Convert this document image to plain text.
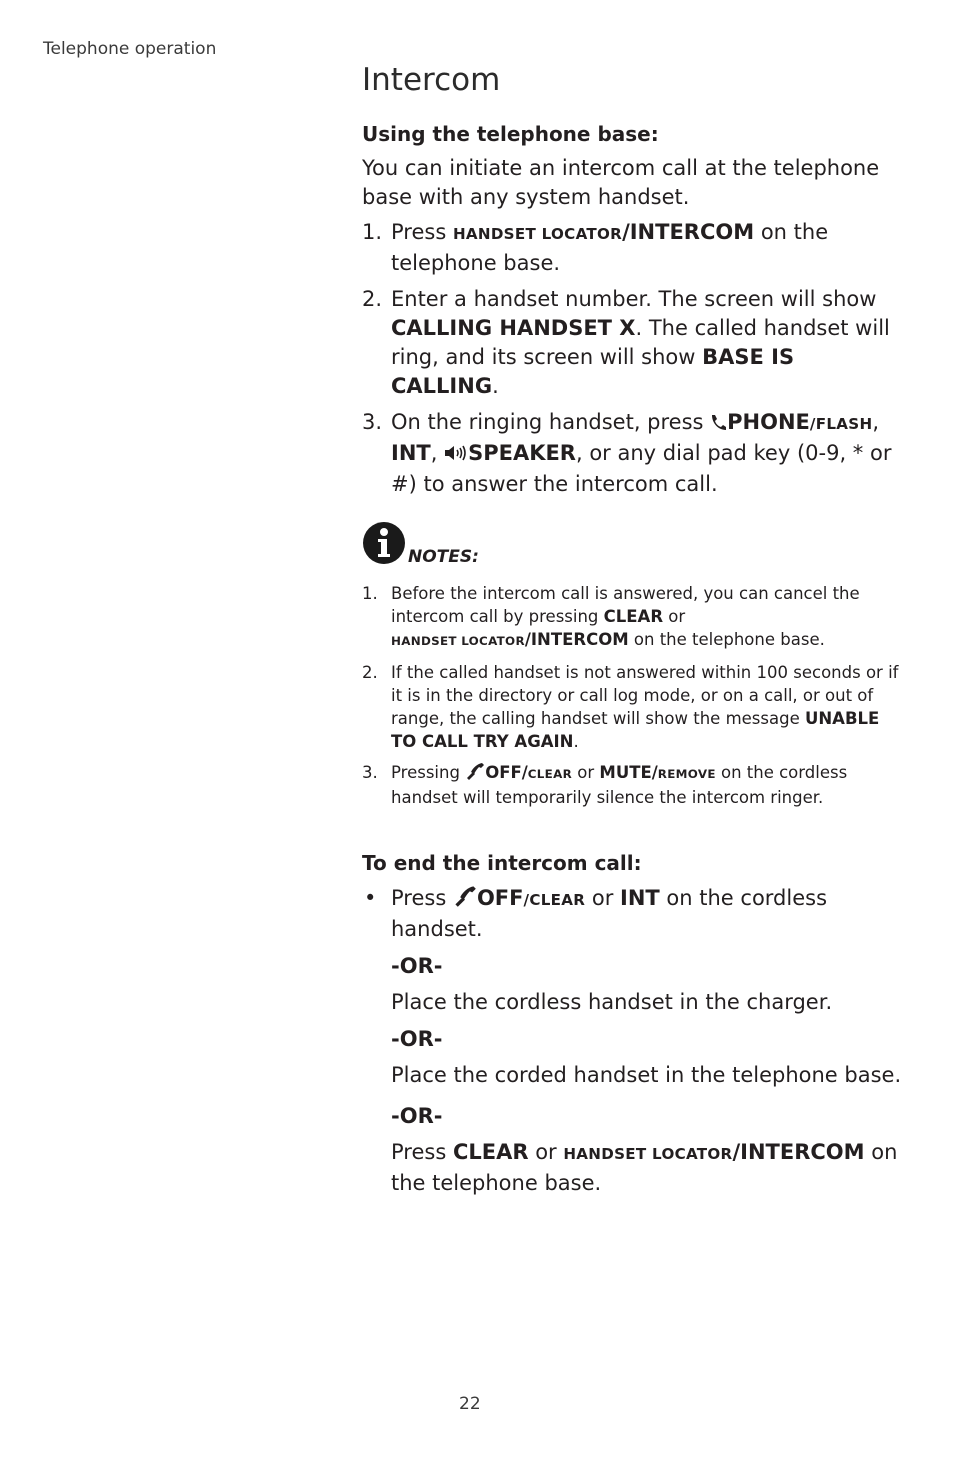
Telephone operation
Intercom

Using the telephone base:

You can initiate an intercom call at the telephone base with any system handset.

1. Press HANDSET LOCATOR/INTERCOM on the telephone base.
2. Enter a handset number. The screen will show CALLING HANDSET X. The called handset will ring, and its screen will show BASE IS CALLING.
3. On the ringing handset, press PHONE/FLASH, INT, SPEAKER, or any dial pad key (0-9, * or #) to answer the intercom call.
NOTES:
1. Before the intercom call is answered, you can cancel the intercom call by pressing CLEAR or
HANDSET LOCATOR/INTERCOM on the telephone base.
2. If the called handset is not answered within 100 seconds or if it is in the directory or call log mode, or on a call, or out of range, the calling handset will show the message UNABLE TO CALL TRY AGAIN.
3. Pressing OFF/CLEAR or MUTE/REMOVE on the cordless handset will temporarily silence the intercom ringer.

To end the intercom call:

• Press OFF/CLEAR or INT on the cordless handset.
-OR-
Place the cordless handset in the charger.
-OR-
Place the corded handset in the telephone base.
-OR-
Press CLEAR or HANDSET LOCATOR/INTERCOM on the telephone base.
22
